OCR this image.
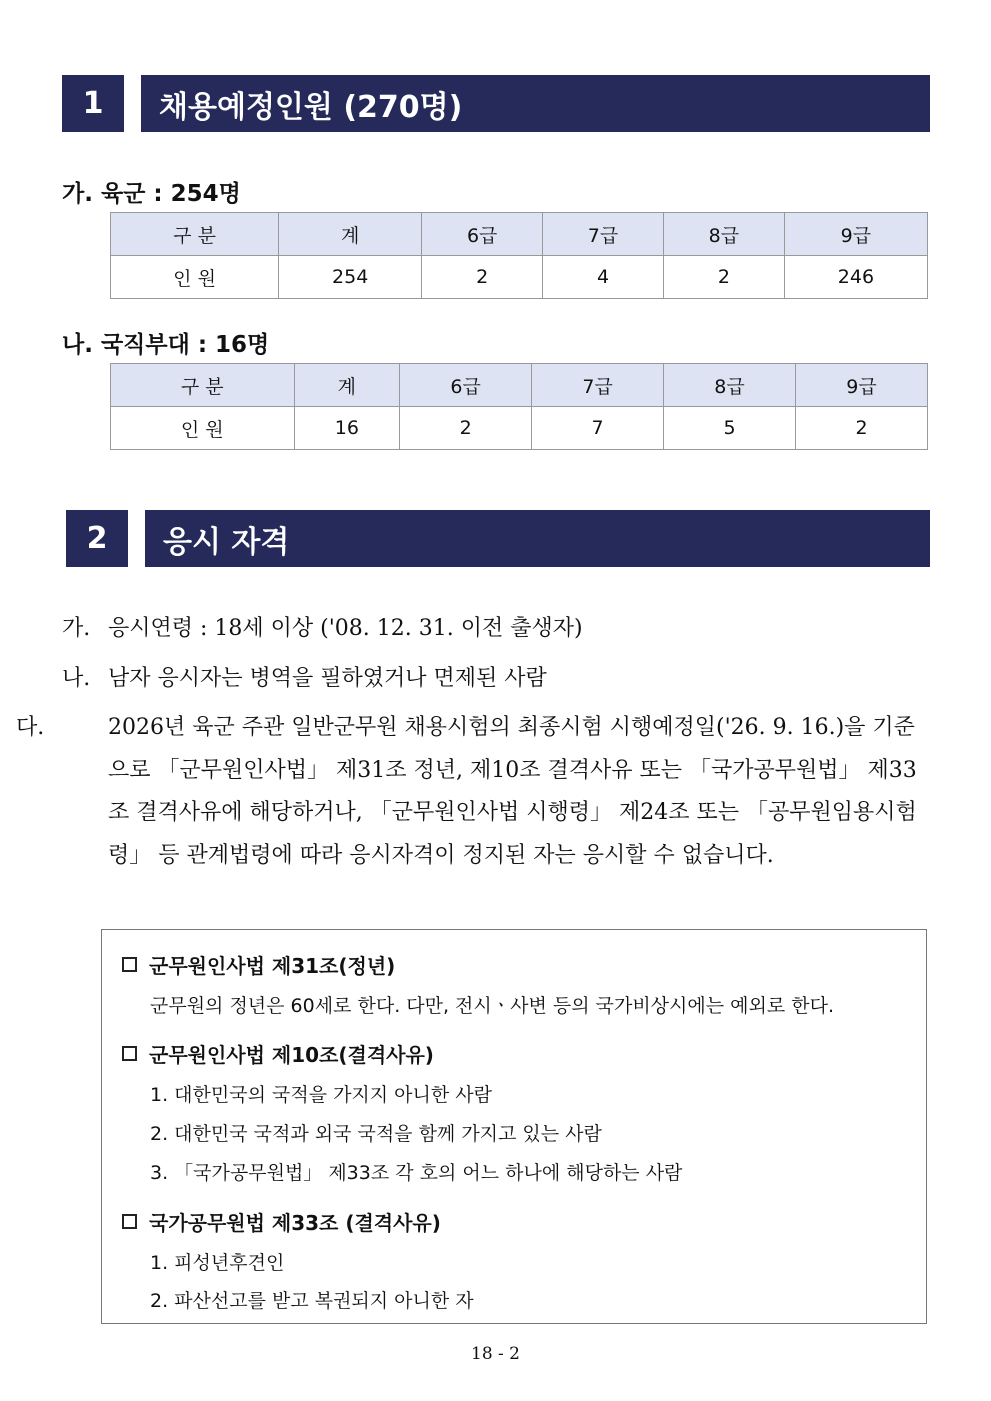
1	채용예정인원 (270명)
가. 육군 : 254명
구 분	계	6급	7급	8급	9급
인 원	254	2	4	2	246
나. 국직부대 : 16명
구 분	계	6급	7급	8급	9급
인 원	16	2	7	5	2
2	응시 자격
가. 응시연령 : 18세 이상 ('08. 12. 31. 이전 출생자)
나. 남자 응시자는 병역을 필하였거나 면제된 사람
다.	2026년 육군 주관 일반군무원 채용시험의 최종시험 시행예정일('26. 9. 16.)을 기준으로 「군무원인사법」 제31조 정년, 제10조 결격사유 또는 「국가공무원법」 제33조 결격사유에 해당하거나, 「군무원인사법 시행령」 제24조 또는 「공무원임용시험령」 등 관계법령에 따라 응시자격이 정지된 자는 응시할 수 없습니다.
군무원인사법 제31조(정년)
군무원의 정년은 60세로 한다. 다만, 전시ㆍ사변 등의 국가비상시에는 예외로 한다.
군무원인사법 제10조(결격사유)
1. 대한민국의 국적을 가지지 아니한 사람
2. 대한민국 국적과 외국 국적을 함께 가지고 있는 사람
3. 「국가공무원법」 제33조 각 호의 어느 하나에 해당하는 사람
국가공무원법 제33조 (결격사유)
1. 피성년후견인
2. 파산선고를 받고 복권되지 아니한 자
18 - 2
